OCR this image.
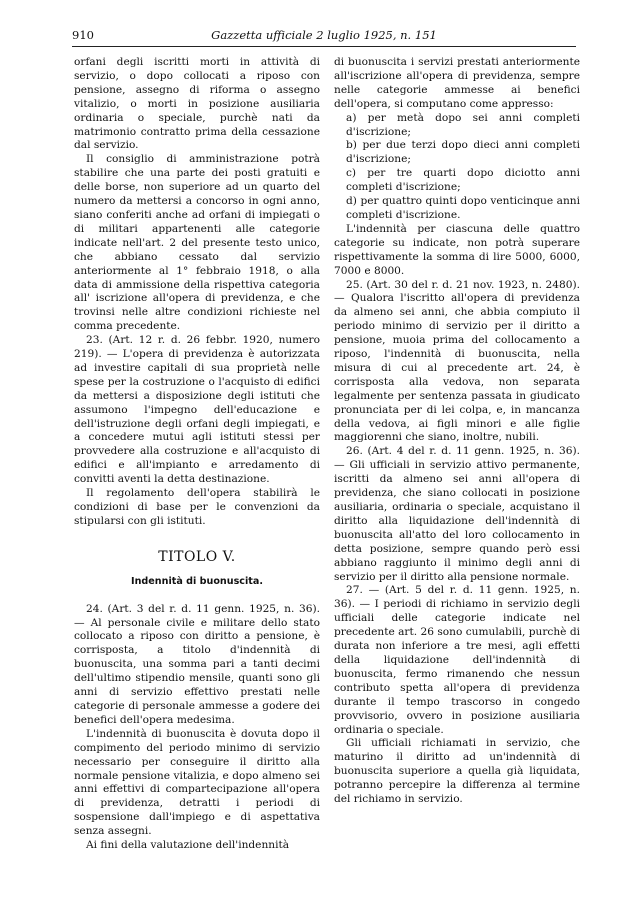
910	Gazzetta ufficiale 2 luglio 1925, n. 151

orfani degli iscritti morti in attività di servizio, o dopo collocati a riposo con pensione, assegno di riforma o assegno vitalizio, o morti in posizione ausiliaria ordinaria o speciale, purchè nati da matrimonio contratto prima della cessazione dal servizio.

Il consiglio di amministrazione potrà stabilire che una parte dei posti gratuiti e delle borse, non superiore ad un quarto del numero da mettersi a concorso in ogni anno, siano conferiti anche ad orfani di impiegati o di militari appartenenti alle categorie indicate nell'art. 2 del presente testo unico, che abbiano cessato dal servizio anteriormente al 1° febbraio 1918, o alla data di ammissione della rispettiva categoria all' iscrizione all'opera di previdenza, e che trovinsi nelle altre condizioni richieste nel comma precedente.

23. (Art. 12 r. d. 26 febbr. 1920, numero 219). — L'opera di previdenza è autorizzata ad investire capitali di sua proprietà nelle spese per la costruzione o l'acquisto di edifici da mettersi a disposizione degli istituti che assumono l'impegno dell'educazione e dell'istruzione degli orfani degli impiegati, e a concedere mutui agli istituti stessi per provvedere alla costruzione e all'acquisto di edifici e all'impianto e arredamento di convitti aventi la detta destinazione.

Il regolamento dell'opera stabilirà le condizioni di base per le convenzioni da stipularsi con gli istituti.

TITOLO V.
Indennità di buonuscita.

24. (Art. 3 del r. d. 11 genn. 1925, n. 36). — Al personale civile e militare dello stato collocato a riposo con diritto a pensione, è corrisposta, a titolo d'indennità di buonuscita, una somma pari a tanti decimi dell'ultimo stipendio mensile, quanti sono gli anni di servizio effettivo prestati nelle categorie di personale ammesse a godere dei benefici dell'opera medesima.

L'indennità di buonuscita è dovuta dopo il compimento del periodo minimo di servizio necessario per conseguire il diritto alla normale pensione vitalizia, e dopo almeno sei anni effettivi di compartecipazione all'opera di previdenza, detratti i periodi di sospensione dall'impiego e di aspettativa senza assegni.

Ai fini della valutazione dell'indennità

di buonuscita i servizi prestati anteriormente all'iscrizione all'opera di previdenza, sempre nelle categorie ammesse ai benefici dell'opera, si computano come appresso:

a) per metà dopo sei anni completi d'iscrizione;

b) per due terzi dopo dieci anni completi d'iscrizione;

c) per tre quarti dopo diciotto anni completi d'iscrizione;

d) per quattro quinti dopo venticinque anni completi d'iscrizione.

L'indennità per ciascuna delle quattro categorie su indicate, non potrà superare rispettivamente la somma di lire 5000, 6000, 7000 e 8000.

25. (Art. 30 del r. d. 21 nov. 1923, n. 2480). — Qualora l'iscritto all'opera di previdenza da almeno sei anni, che abbia compiuto il periodo minimo di servizio per il diritto a pensione, muoia prima del collocamento a riposo, l'indennità di buonuscita, nella misura di cui al precedente art. 24, è corrisposta alla vedova, non separata legalmente per sentenza passata in giudicato pronunciata per di lei colpa, e, in mancanza della vedova, ai figli minori e alle figlie maggiorenni che siano, inoltre, nubili.

26. (Art. 4 del r. d. 11 genn. 1925, n. 36). — Gli ufficiali in servizio attivo permanente, iscritti da almeno sei anni all'opera di previdenza, che siano collocati in posizione ausiliaria, ordinaria o speciale, acquistano il diritto alla liquidazione dell'indennità di buonuscita all'atto del loro collocamento in detta posizione, sempre quando però essi abbiano raggiunto il minimo degli anni di servizio per il diritto alla pensione normale.

27. — (Art. 5 del r. d. 11 genn. 1925, n. 36). — I periodi di richiamo in servizio degli ufficiali delle categorie indicate nel precedente art. 26 sono cumulabili, purchè di durata non inferiore a tre mesi, agli effetti della liquidazione dell'indennità di buonuscita, fermo rimanendo che nessun contributo spetta all'opera di previdenza durante il tempo trascorso in congedo provvisorio, ovvero in posizione ausiliaria ordinaria o speciale.

Gli ufficiali richiamati in servizio, che maturino il diritto ad un'indennità di buonuscita superiore a quella già liquidata, potranno percepire la differenza al termine del richiamo in servizio.
